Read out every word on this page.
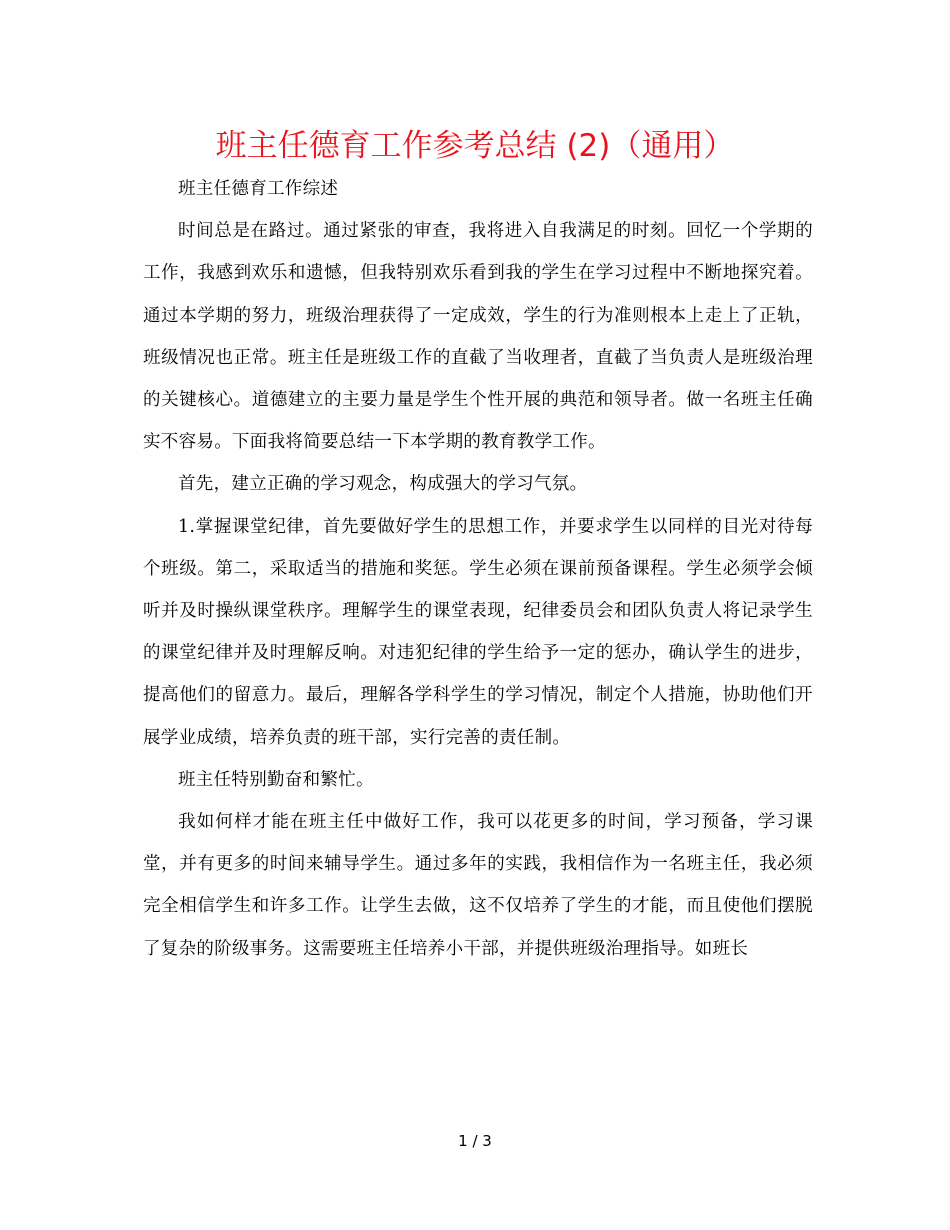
班主任德育工作参考总结 (2)（通用）

班主任德育工作综述

时间总是在路过。通过紧张的审查，我将进入自我满足的时刻。回忆一个学期的工作，我感到欢乐和遗憾，但我特别欢乐看到我的学生在学习过程中不断地探究着。通过本学期的努力，班级治理获得了一定成效，学生的行为准则根本上走上了正轨，班级情况也正常。班主任是班级工作的直截了当收理者，直截了当负责人是班级治理的关键核心。道德建立的主要力量是学生个性开展的典范和领导者。做一名班主任确实不容易。下面我将简要总结一下本学期的教育教学工作。

首先，建立正确的学习观念，构成强大的学习气氛。

1.掌握课堂纪律，首先要做好学生的思想工作，并要求学生以同样的目光对待每个班级。第二，采取适当的措施和奖惩。学生必须在课前预备课程。学生必须学会倾听并及时操纵课堂秩序。理解学生的课堂表现，纪律委员会和团队负责人将记录学生的课堂纪律并及时理解反响。对违犯纪律的学生给予一定的惩办，确认学生的进步，提高他们的留意力。最后，理解各学科学生的学习情况，制定个人措施，协助他们开展学业成绩，培养负责的班干部，实行完善的责任制。

班主任特别勤奋和繁忙。

我如何样才能在班主任中做好工作，我可以花更多的时间，学习预备，学习课堂，并有更多的时间来辅导学生。通过多年的实践，我相信作为一名班主任，我必须完全相信学生和许多工作。让学生去做，这不仅培养了学生的才能，而且使他们摆脱了复杂的阶级事务。这需要班主任培养小干部，并提供班级治理指导。如班长

1 / 3
